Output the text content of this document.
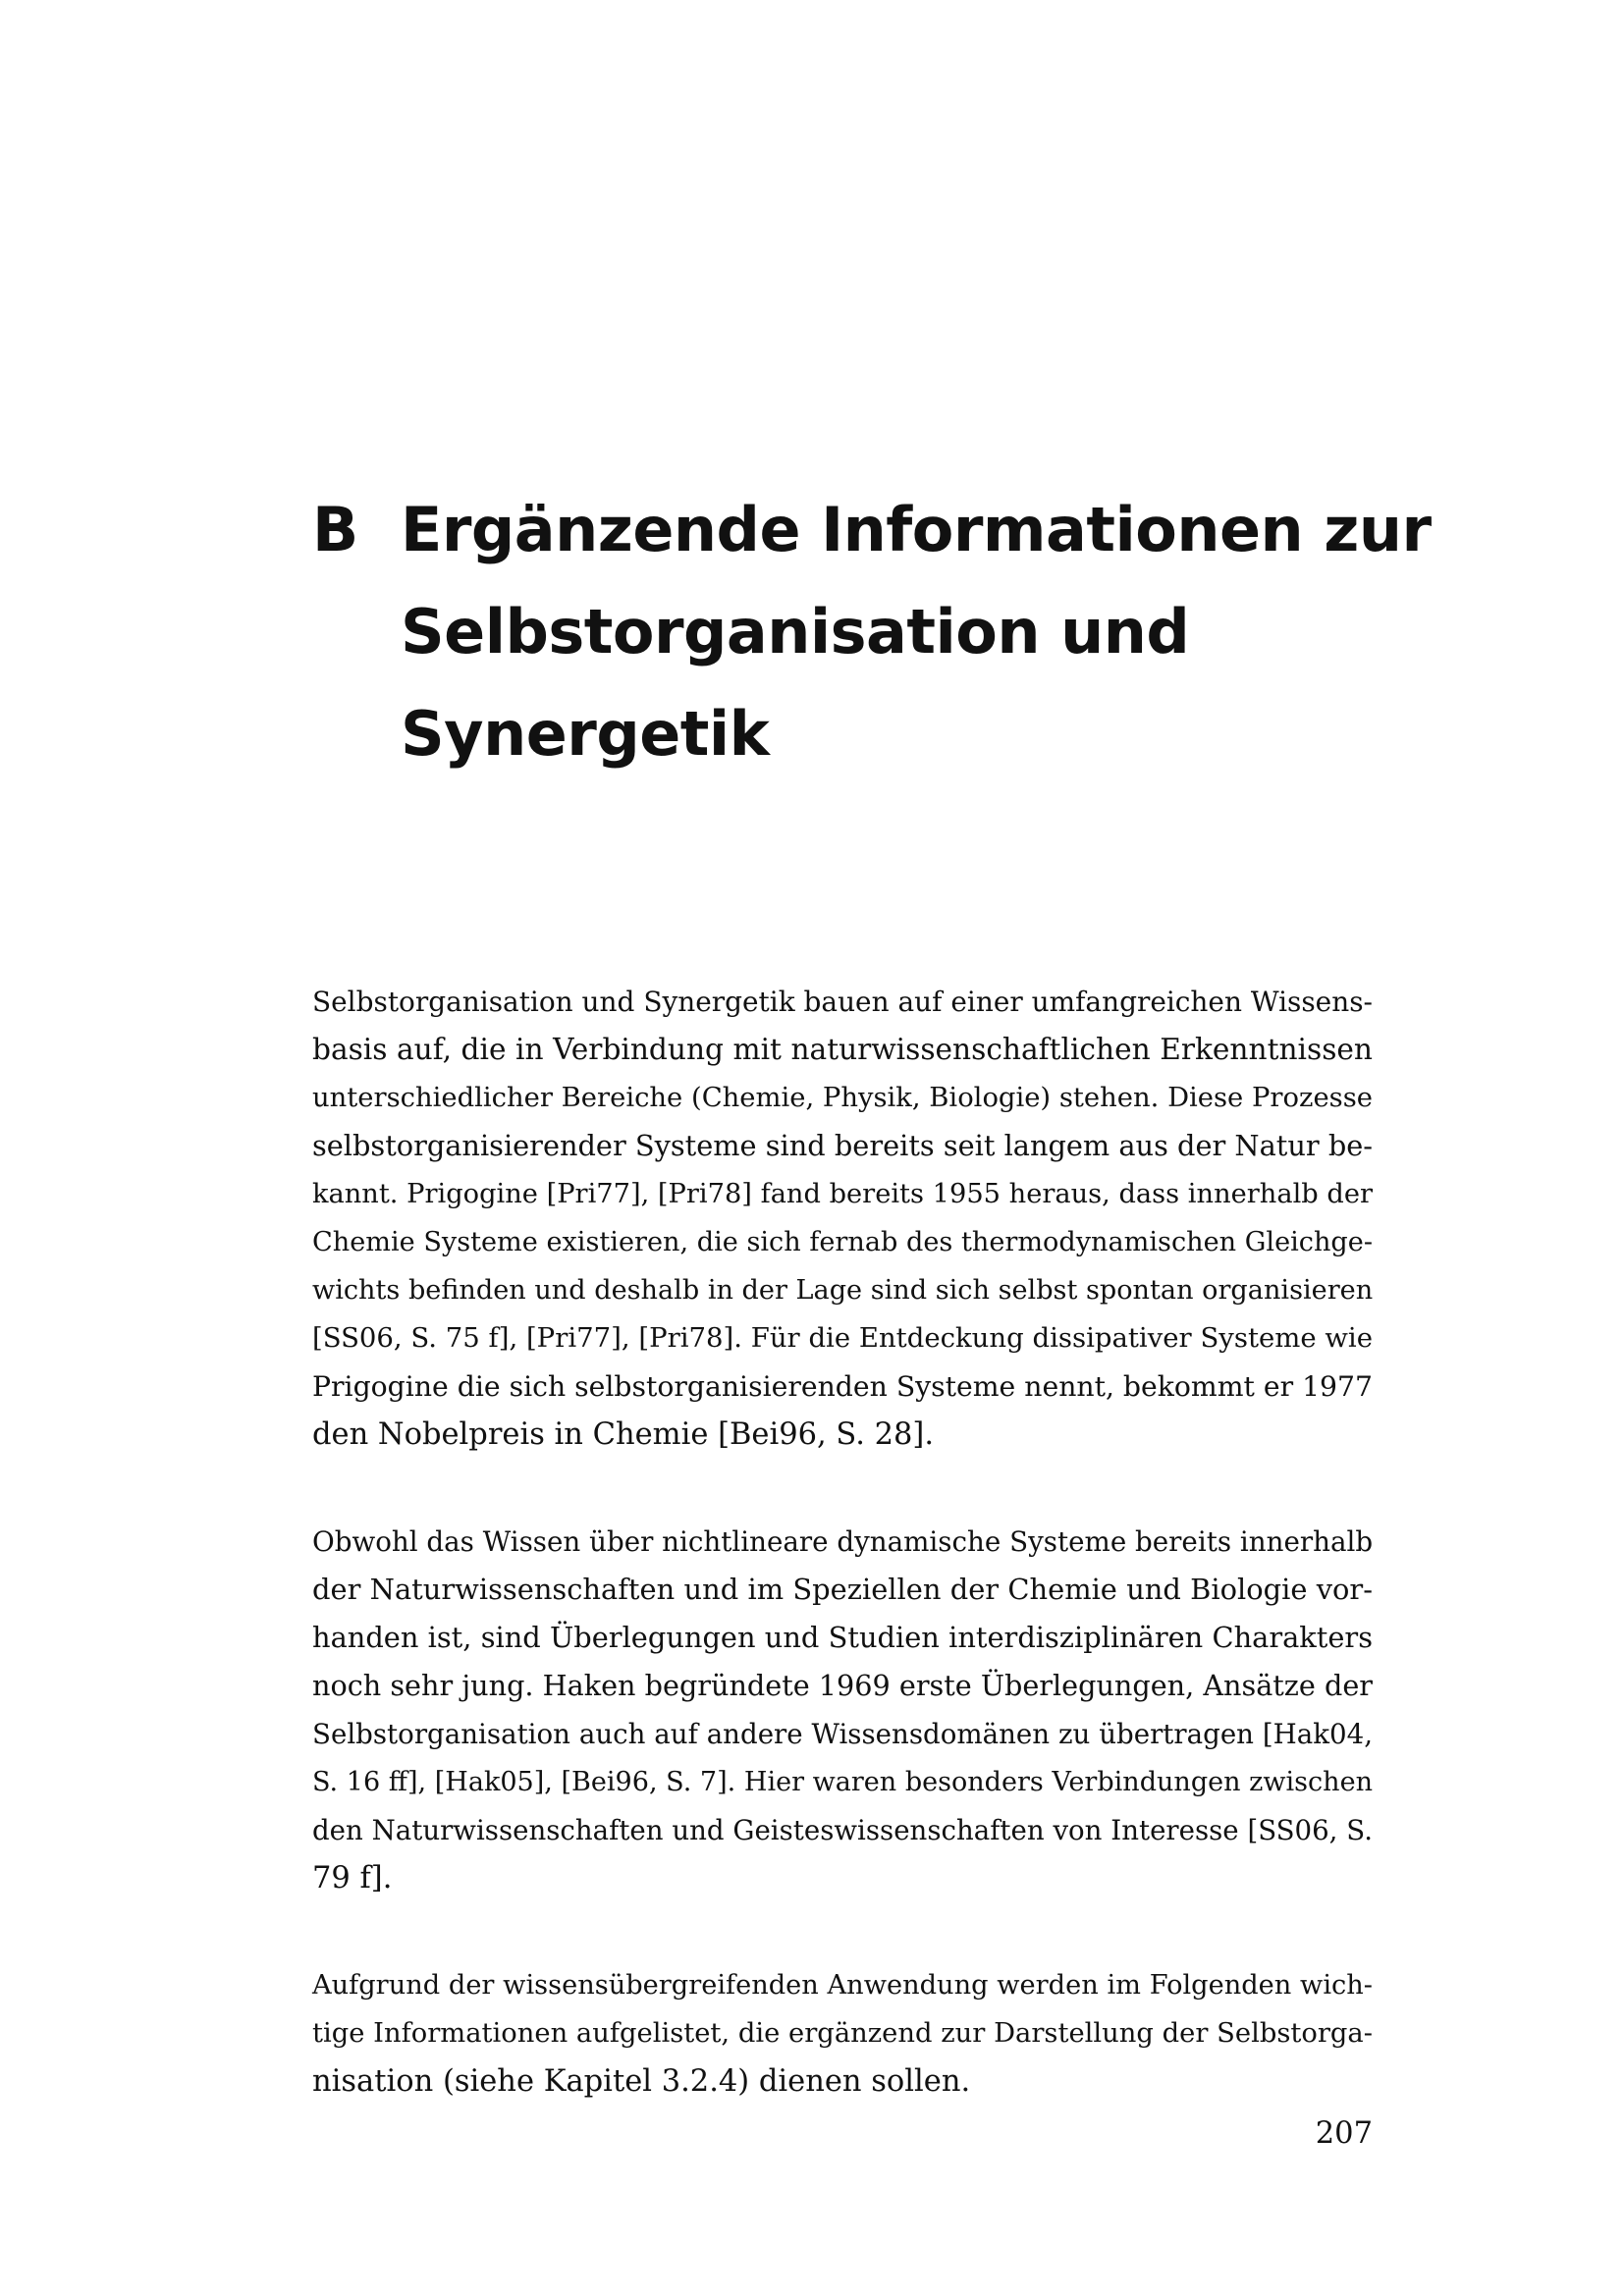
B Ergänzende Informationen zur
Selbstorganisation und
Synergetik
Selbstorganisation und Synergetik bauen auf einer umfangreichen Wissens-
basis auf, die in Verbindung mit naturwissenschaftlichen Erkenntnissen
unterschiedlicher Bereiche (Chemie, Physik, Biologie) stehen. Diese Prozesse
selbstorganisierender Systeme sind bereits seit langem aus der Natur be-
kannt. Prigogine [Pri77], [Pri78] fand bereits 1955 heraus, dass innerhalb der
Chemie Systeme existieren, die sich fernab des thermodynamischen Gleichge-
wichts befinden und deshalb in der Lage sind sich selbst spontan organisieren
[SS06, S. 75 f], [Pri77], [Pri78]. Für die Entdeckung dissipativer Systeme wie
Prigogine die sich selbstorganisierenden Systeme nennt, bekommt er 1977
den Nobelpreis in Chemie [Bei96, S. 28].
Obwohl das Wissen über nichtlineare dynamische Systeme bereits innerhalb
der Naturwissenschaften und im Speziellen der Chemie und Biologie vor-
handen ist, sind Überlegungen und Studien interdisziplinären Charakters
noch sehr jung. Haken begründete 1969 erste Überlegungen, Ansätze der
Selbstorganisation auch auf andere Wissensdomänen zu übertragen [Hak04,
S. 16 ff], [Hak05], [Bei96, S. 7]. Hier waren besonders Verbindungen zwischen
den Naturwissenschaften und Geisteswissenschaften von Interesse [SS06, S.
79 f].
Aufgrund der wissensübergreifenden Anwendung werden im Folgenden wich-
tige Informationen aufgelistet, die ergänzend zur Darstellung der Selbstorga-
nisation (siehe Kapitel 3.2.4) dienen sollen.
207
